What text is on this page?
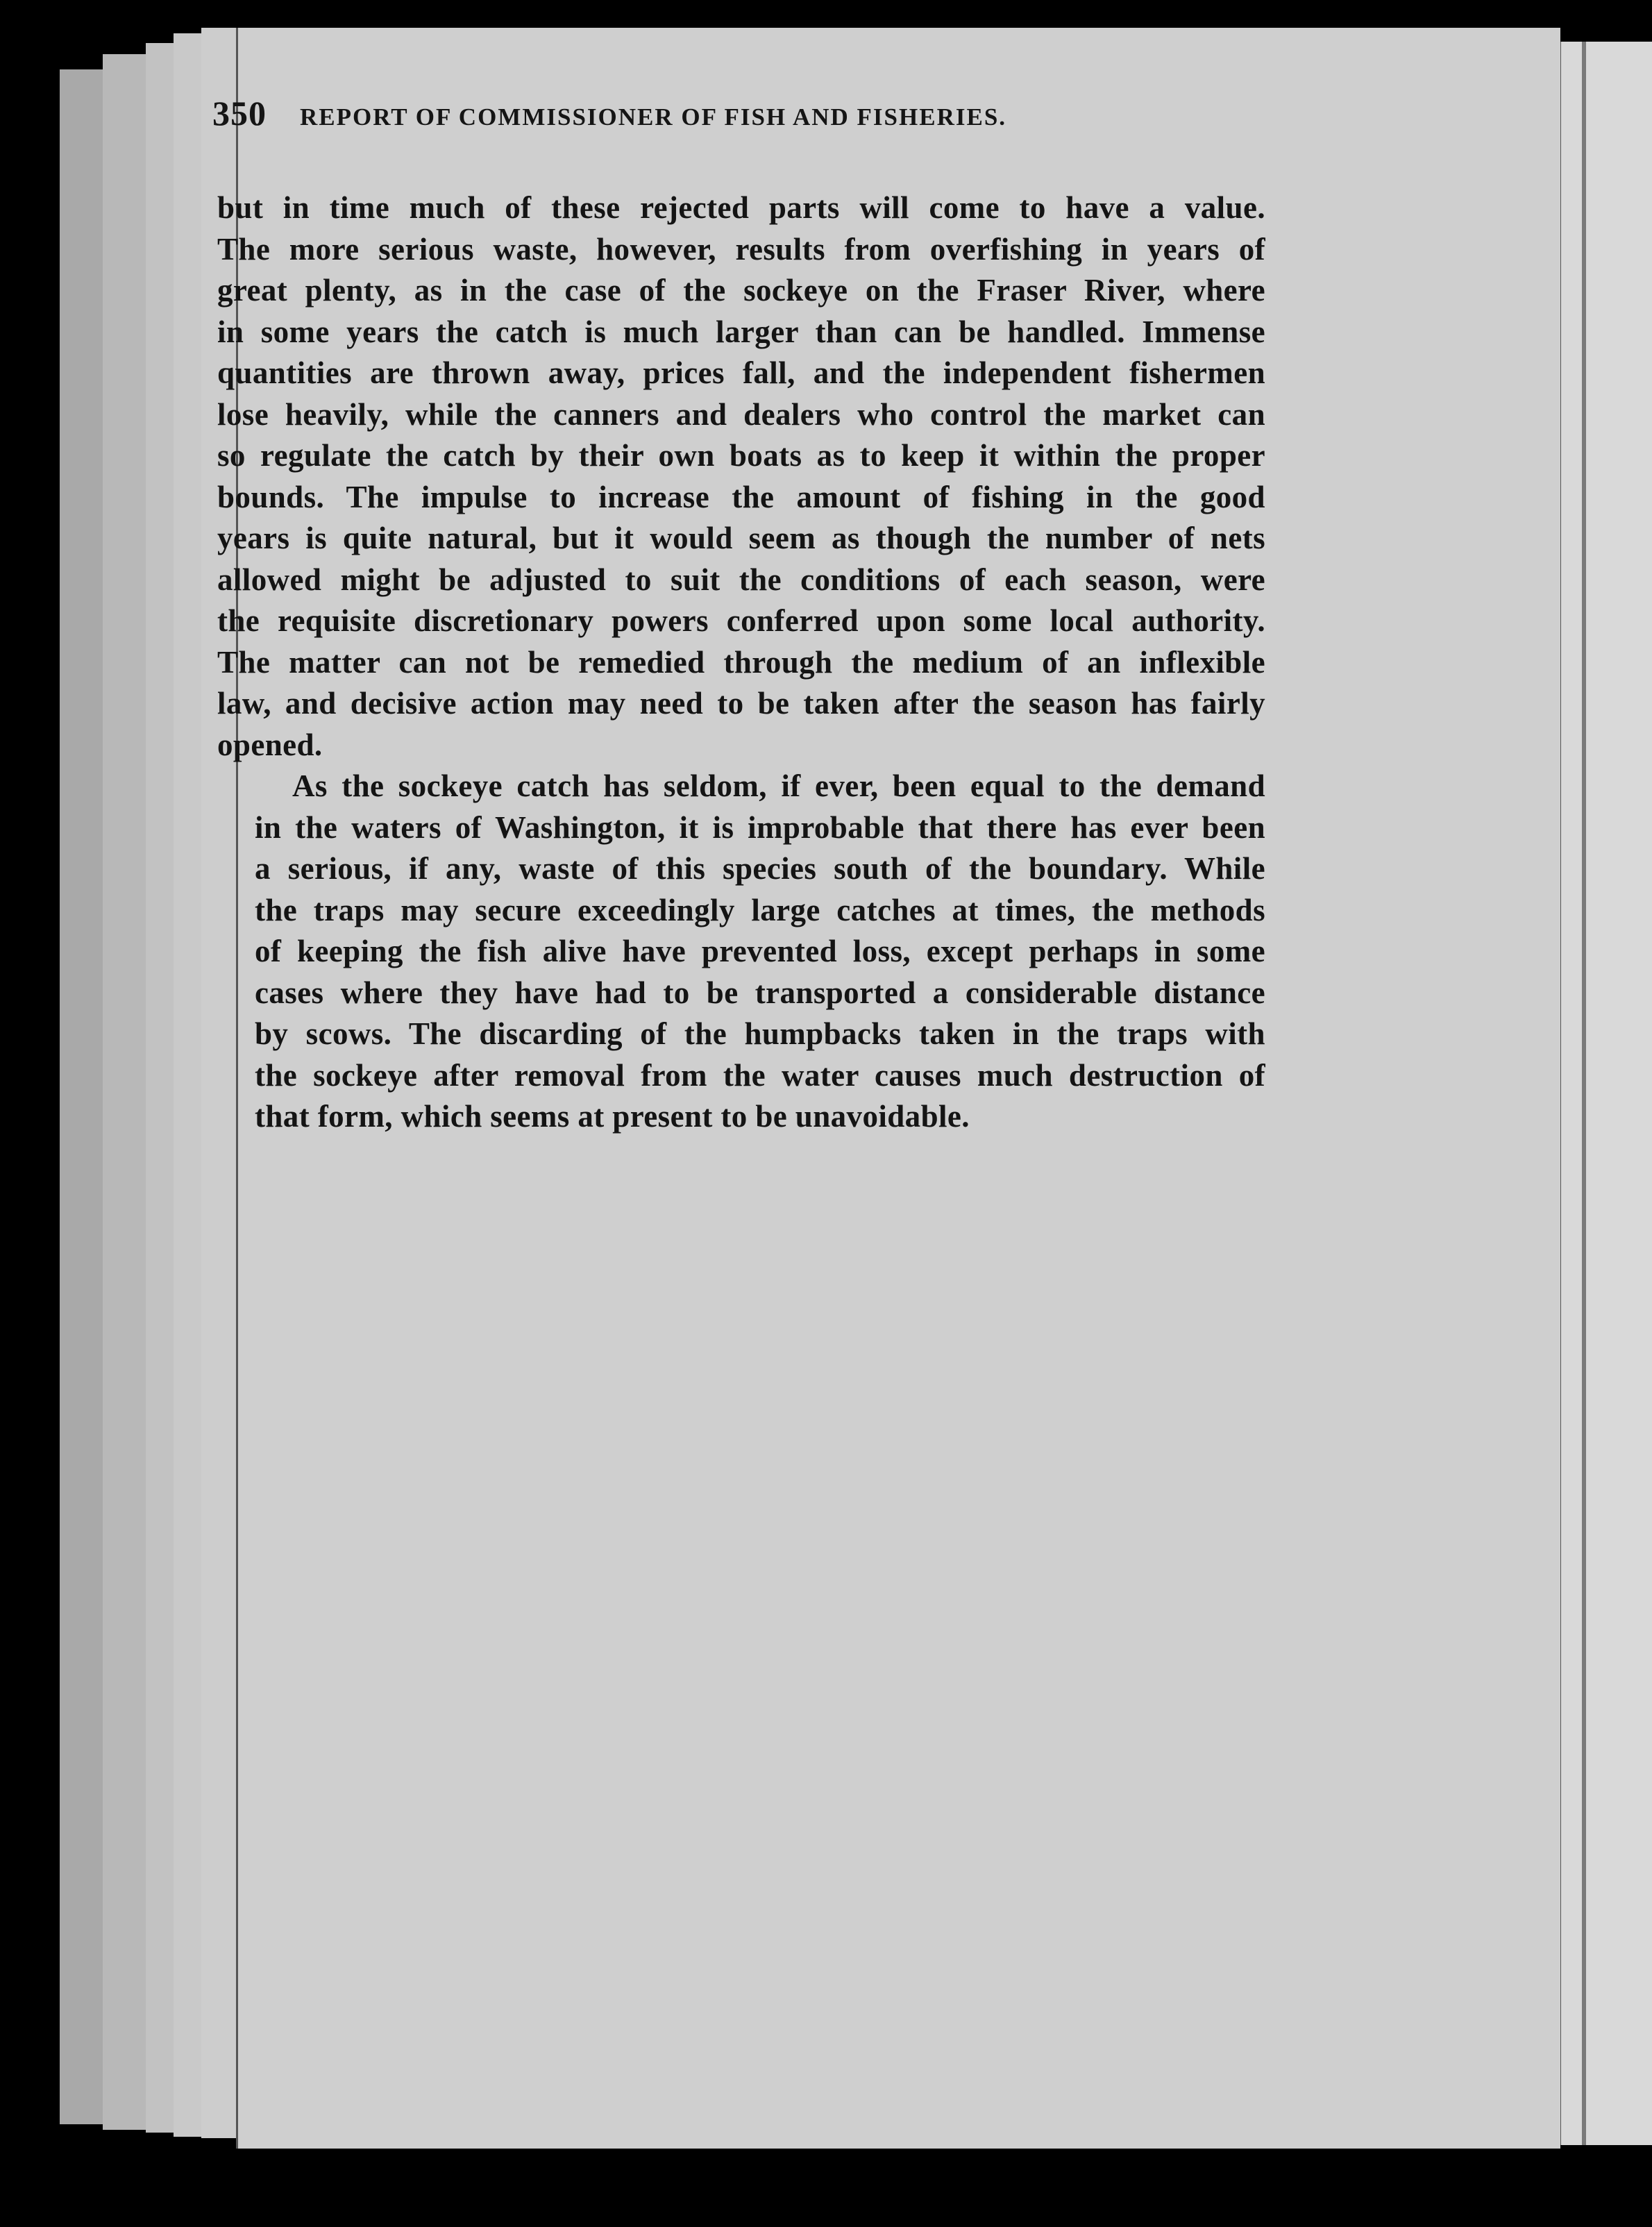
350 REPORT OF COMMISSIONER OF FISH AND FISHERIES.

but in time much of these rejected parts will come to have a value.
The more serious waste, however, results from overfishing in years of
great plenty, as in the case of the sockeye on the Fraser River, where
in some years the catch is much larger than can be handled. Immense
quantities are thrown away, prices fall, and the independent fishermen
lose heavily, while the canners and dealers who control the market can
so regulate the catch by their own boats as to keep it within the proper
bounds. The impulse to increase the amount of fishing in the good
years is quite natural, but it would seem as though the number of nets
allowed might be adjusted to suit the conditions of each season, were
the requisite discretionary powers conferred upon some local authority.
The matter can not be remedied through the medium of an inflexible
law, and decisive action may need to be taken after the season has fairly
opened.

As the sockeye catch has seldom, if ever, been equal to the demand
in the waters of Washington, it is improbable that there has ever been
a serious, if any, waste of this species south of the boundary. While
the traps may secure exceedingly large catches at times, the methods
of keeping the fish alive have prevented loss, except perhaps in some
cases where they have had to be transported a considerable distance
by scows. The discarding of the humpbacks taken in the traps with
the sockeye after removal from the water causes much destruction of
that form, which seems at present to be unavoidable.
